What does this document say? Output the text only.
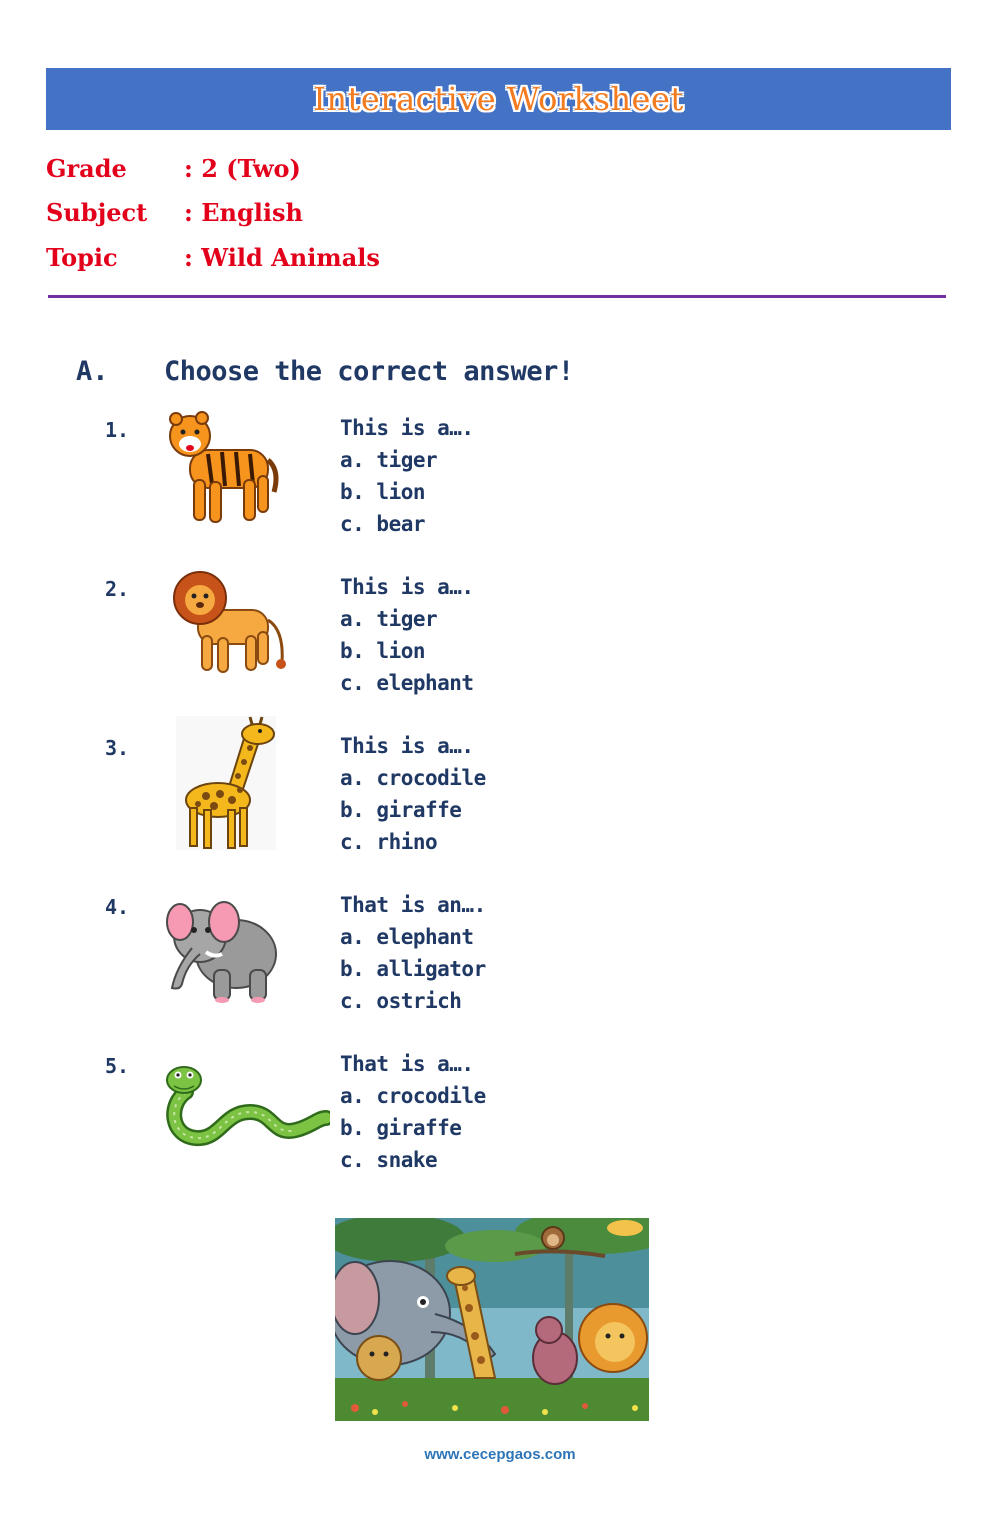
Interactive Worksheet
Grade : 2 (Two)
Subject : English
Topic	: Wild Animals
A. Choose the correct answer!
1.	This is a….
a. tiger
b. lion
c. bear
2.	This is a….
a. tiger
b. lion
c. elephant
3.	This is a….
a. crocodile
b. giraffe
c. rhino
4.	That is an….
a. elephant
b. alligator
c. ostrich
5.	That is a….
a. crocodile
b. giraffe
c. snake
www.cecepgaos.com
